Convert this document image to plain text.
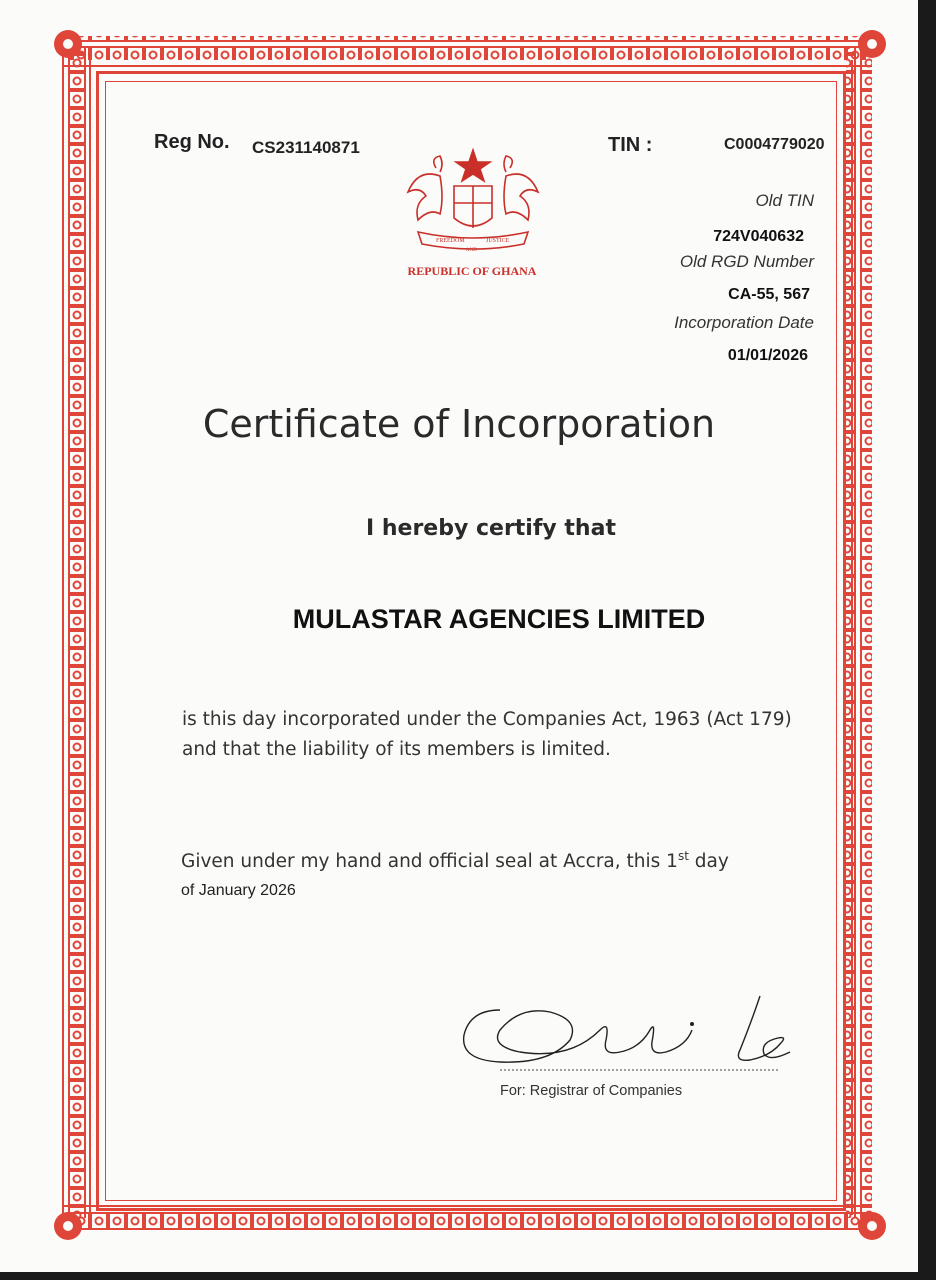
Reg No. CS231140871	TIN :	C0004779020
Old TIN
724V040632
Old RGD Number
CA-55, 567
Incorporation Date
01/01/2026
FREEDOM	JUSTICE
AND
REPUBLIC OF GHANA
Certificate of Incorporation
I hereby certify that
MULASTAR AGENCIES LIMITED
is this day incorporated under the Companies Act, 1963 (Act 179) and that the liability of its members is limited.
Given under my hand and official seal at Accra, this 1st day
of January 2026
For: Registrar of Companies
